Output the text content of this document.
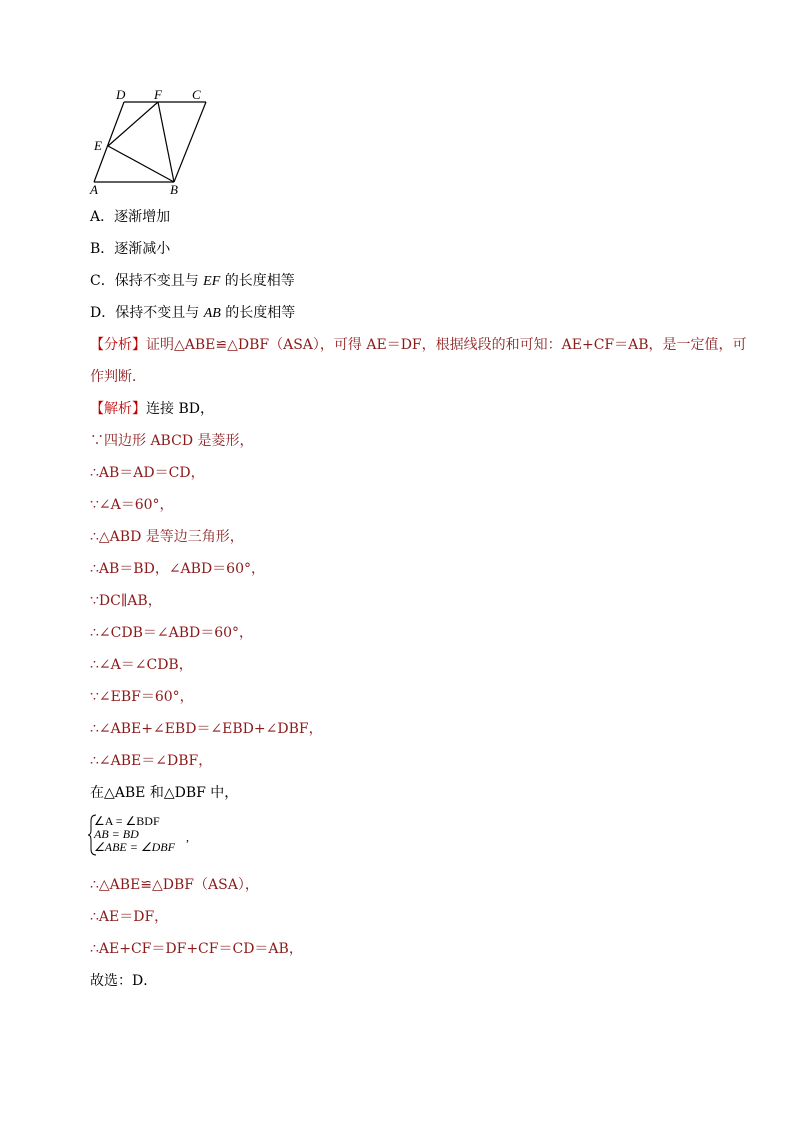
D F C
E
A	B
A．逐渐增加
B．逐渐减小
C．保持不变且与 EF 的长度相等
D．保持不变且与 AB 的长度相等
【分析】证明△ABE≌△DBF（ASA），可得 AE＝DF，根据线段的和可知：AE+CF＝AB，是一定值，可
作判断．
【解析】连接 BD，
∵四边形 ABCD 是菱形，
∴AB＝AD＝CD，
∵∠A＝60°，
∴△ABD 是等边三角形，
∴AB＝BD，∠ABD＝60°，
∵DC∥AB，
∴∠CDB＝∠ABD＝60°，
∴∠A＝∠CDB，
∵∠EBF＝60°，
∴∠ABE+∠EBD＝∠EBD+∠DBF，
∴∠ABE＝∠DBF，
在△ABE 和△DBF 中，
∠A = ∠BDF
AB = BD
∠ABE = ∠DBF
,
∴△ABE≌△DBF（ASA），
∴AE＝DF，
∴AE+CF＝DF+CF＝CD＝AB，
故选：D．
